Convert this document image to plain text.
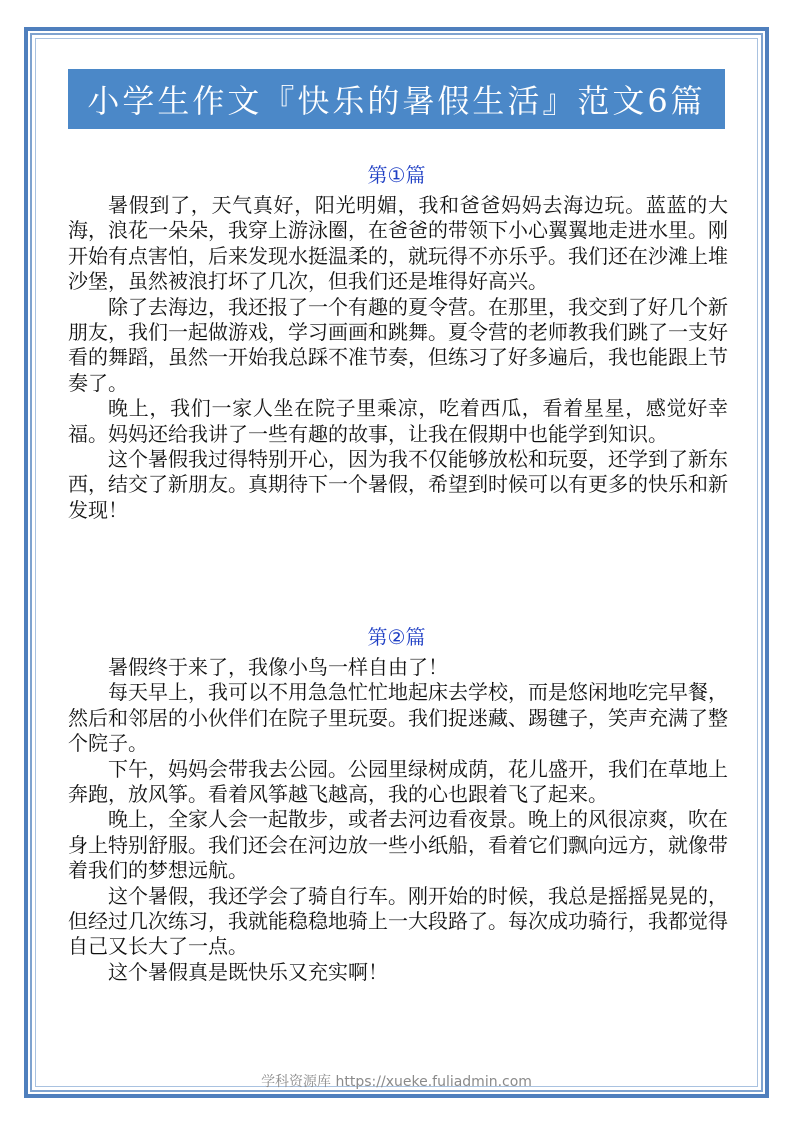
小学生作文『快乐的暑假生活』范文6篇
第①篇

暑假到了，天气真好，阳光明媚，我和爸爸妈妈去海边玩。蓝蓝的大海，浪花一朵朵，我穿上游泳圈，在爸爸的带领下小心翼翼地走进水里。刚开始有点害怕，后来发现水挺温柔的，就玩得不亦乐乎。我们还在沙滩上堆沙堡，虽然被浪打坏了几次，但我们还是堆得好高兴。

除了去海边，我还报了一个有趣的夏令营。在那里，我交到了好几个新朋友，我们一起做游戏，学习画画和跳舞。夏令营的老师教我们跳了一支好看的舞蹈，虽然一开始我总踩不准节奏，但练习了好多遍后，我也能跟上节奏了。

晚上，我们一家人坐在院子里乘凉，吃着西瓜，看着星星，感觉好幸福。妈妈还给我讲了一些有趣的故事，让我在假期中也能学到知识。

这个暑假我过得特别开心，因为我不仅能够放松和玩耍，还学到了新东西，结交了新朋友。真期待下一个暑假，希望到时候可以有更多的快乐和新发现！

第②篇

暑假终于来了，我像小鸟一样自由了！

每天早上，我可以不用急急忙忙地起床去学校，而是悠闲地吃完早餐，然后和邻居的小伙伴们在院子里玩耍。我们捉迷藏、踢毽子，笑声充满了整个院子。

下午，妈妈会带我去公园。公园里绿树成荫，花儿盛开，我们在草地上奔跑，放风筝。看着风筝越飞越高，我的心也跟着飞了起来。

晚上，全家人会一起散步，或者去河边看夜景。晚上的风很凉爽，吹在身上特别舒服。我们还会在河边放一些小纸船，看着它们飘向远方，就像带着我们的梦想远航。

这个暑假，我还学会了骑自行车。刚开始的时候，我总是摇摇晃晃的，但经过几次练习，我就能稳稳地骑上一大段路了。每次成功骑行，我都觉得自己又长大了一点。

这个暑假真是既快乐又充实啊！

学科资源库 https://xueke.fuliadmin.com
